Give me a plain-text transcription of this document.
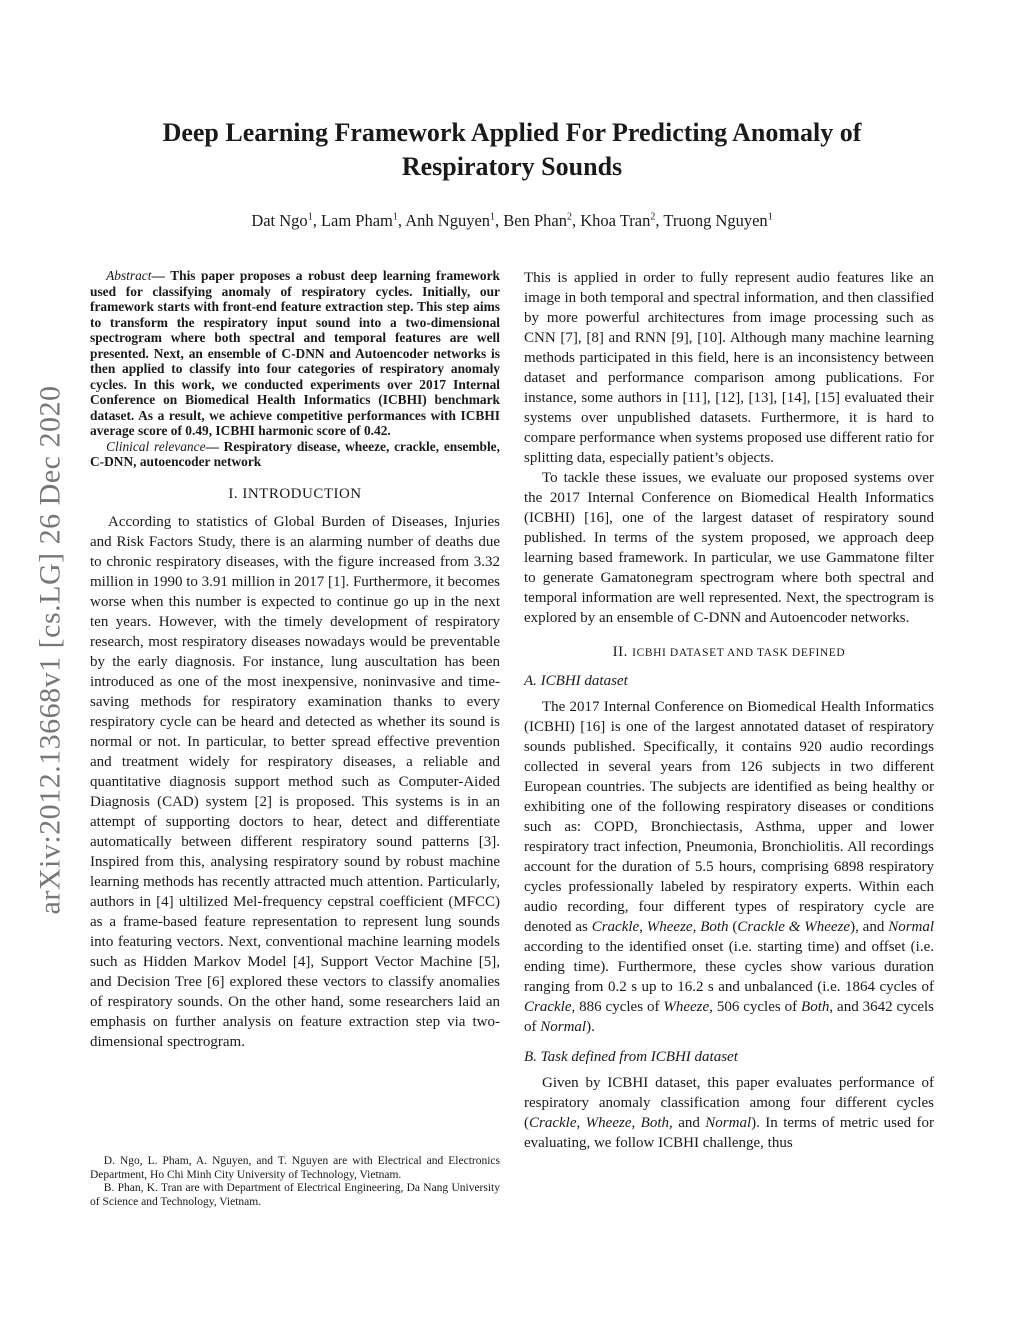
arXiv:2012.13668v1 [cs.LG] 26 Dec 2020
Deep Learning Framework Applied For Predicting Anomaly of
Respiratory Sounds

Dat Ngo$^1$, Lam Pham$^1$, Anh Nguyen$^1$, Ben Phan$^2$, Khoa Tran$^2$, Truong Nguyen$^1$

Abstract— This paper proposes a robust deep learning framework used for classifying anomaly of respiratory cycles. Initially, our framework starts with front-end feature extraction step. This step aims to transform the respiratory input sound into a two-dimensional spectrogram where both spectral and temporal features are well presented. Next, an ensemble of C-DNN and Autoencoder networks is then applied to classify into four categories of respiratory anomaly cycles. In this work, we conducted experiments over 2017 Internal Conference on Biomedical Health Informatics (ICBHI) benchmark dataset. As a result, we achieve competitive performances with ICBHI average score of 0.49, ICBHI harmonic score of 0.42.

Clinical relevance— Respiratory disease, wheeze, crackle, ensemble, C-DNN, autoencoder network

I. INTRODUCTION

According to statistics of Global Burden of Diseases, Injuries and Risk Factors Study, there is an alarming number of deaths due to chronic respiratory diseases, with the figure increased from 3.32 million in 1990 to 3.91 million in 2017 [1]. Furthermore, it becomes worse when this number is expected to continue go up in the next ten years. However, with the timely development of respiratory research, most respiratory diseases nowadays would be preventable by the early diagnosis. For instance, lung auscultation has been introduced as one of the most inexpensive, noninvasive and time-saving methods for respiratory examination thanks to every respiratory cycle can be heard and detected as whether its sound is normal or not. In particular, to better spread effective prevention and treatment widely for respiratory diseases, a reliable and quantitative diagnosis support method such as Computer-Aided Diagnosis (CAD) system [2] is proposed. This systems is in an attempt of supporting doctors to hear, detect and differentiate automatically between different respiratory sound patterns [3]. Inspired from this, analysing respiratory sound by robust machine learning methods has recently attracted much attention. Particularly, authors in [4] ultilized Mel-frequency cepstral coefficient (MFCC) as a frame-based feature representation to represent lung sounds into featuring vectors. Next, conventional machine learning models such as Hidden Markov Model [4], Support Vector Machine [5], and Decision Tree [6] explored these vectors to classify anomalies of respiratory sounds. On the other hand, some researchers laid an emphasis on further analysis on feature extraction step via two-dimensional spectrogram.

D. Ngo, L. Pham, A. Nguyen, and T. Nguyen are with Electrical and Electronics Department, Ho Chi Minh City University of Technology, Vietnam.

B. Phan, K. Tran are with Department of Electrical Engineering, Da Nang University of Science and Technology, Vietnam.

This is applied in order to fully represent audio features like an image in both temporal and spectral information, and then classified by more powerful architectures from image processing such as CNN [7], [8] and RNN [9], [10]. Although many machine learning methods participated in this field, here is an inconsistency between dataset and performance comparison among publications. For instance, some authors in [11], [12], [13], [14], [15] evaluated their systems over unpublished datasets. Furthermore, it is hard to compare performance when systems proposed use different ratio for splitting data, especially patient’s objects.

To tackle these issues, we evaluate our proposed systems over the 2017 Internal Conference on Biomedical Health Informatics (ICBHI) [16], one of the largest dataset of respiratory sound published. In terms of the system proposed, we approach deep learning based framework. In particular, we use Gammatone filter to generate Gamatonegram spectrogram where both spectral and temporal information are well represented. Next, the spectrogram is explored by an ensemble of C-DNN and Autoencoder networks.

II. ICBHI DATASET AND TASK DEFINED
A. ICBHI dataset

The 2017 Internal Conference on Biomedical Health Informatics (ICBHI) [16] is one of the largest annotated dataset of respiratory sounds published. Specifically, it contains 920 audio recordings collected in several years from 126 subjects in two different European countries. The subjects are identified as being healthy or exhibiting one of the following respiratory diseases or conditions such as: COPD, Bronchiectasis, Asthma, upper and lower respiratory tract infection, Pneumonia, Bronchiolitis. All recordings account for the duration of 5.5 hours, comprising 6898 respiratory cycles professionally labeled by respiratory experts. Within each audio recording, four different types of respiratory cycle are denoted as Crackle, Wheeze, Both (Crackle & Wheeze), and Normal according to the identified onset (i.e. starting time) and offset (i.e. ending time). Furthermore, these cycles show various duration ranging from 0.2 s up to 16.2 s and unbalanced (i.e. 1864 cycles of Crackle, 886 cycles of Wheeze, 506 cycles of Both, and 3642 cycels of Normal).

B. Task defined from ICBHI dataset

Given by ICBHI dataset, this paper evaluates performance of respiratory anomaly classification among four different cycles (Crackle, Wheeze, Both, and Normal). In terms of metric used for evaluating, we follow ICBHI challenge, thus
